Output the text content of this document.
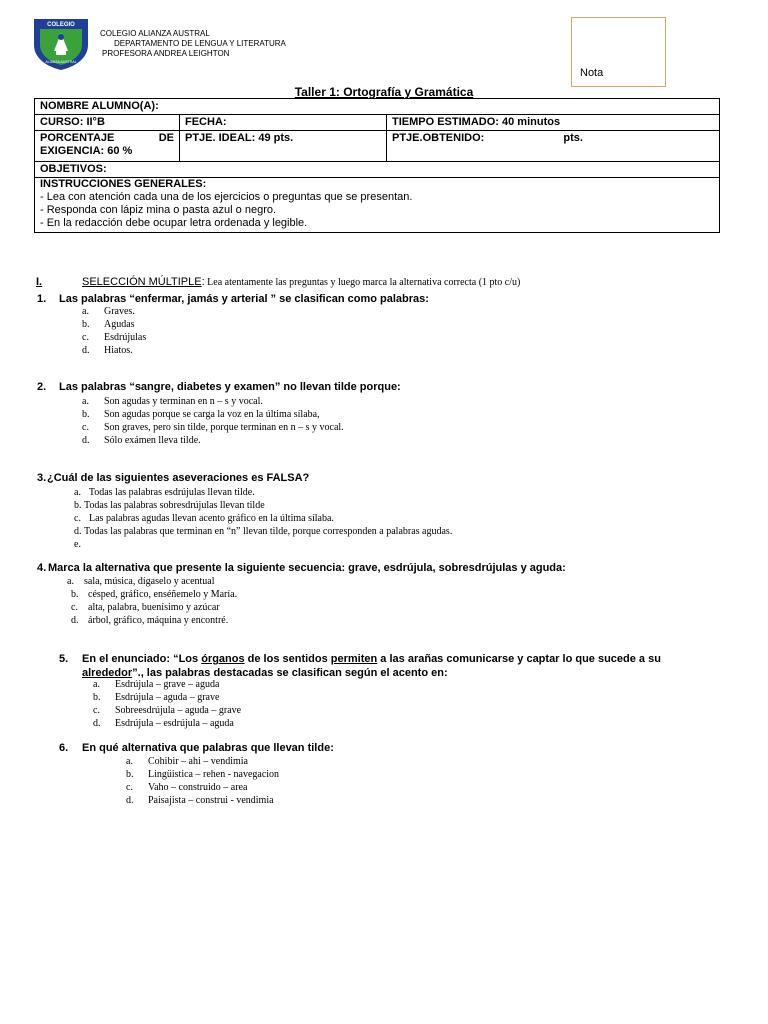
COLEGIO
ALIANZA AUSTRAL
COLEGIO ALIANZA AUSTRAL
DEPARTAMENTO DE LENGUA Y LITERATURA
PROFESORA ANDREA LEIGHTON
Nota
Taller 1: Ortografía y Gramática
NOMBRE ALUMNO(A):		
CURSO: II°B	FECHA:	TIEMPO ESTIMADO: 40 minutos

PORCENTAJE DE
EXIGENCIA: 60 %	PTJE. IDEAL: 49 pts.	PTJE.OBTENIDO: pts.
OBJETIVOS:		

INSTRUCCIONES GENERALES:
- Lea con atención cada una de los ejercicios o preguntas que se presentan.
- Responda con lápiz mina o pasta azul o negro.
- En la redacción debe ocupar letra ordenada y legible.		
I.	SELECCIÓN MÚLTIPLE: Lea atentamente las preguntas y luego marca la alternativa correcta (1 pto c/u)
1. Las palabras “enfermar, jamás y arterial ” se clasifican como palabras:
a. Graves.
b. Agudas
c. Esdrújulas
d. Hiatos.
2. Las palabras “sangre, diabetes y examen” no llevan tilde porque:
a. Son agudas y terminan en n – s y vocal.
b. Son agudas porque se carga la voz en la última sílaba,
c. Son graves, pero sin tilde, porque terminan en n – s y vocal.
d. Sólo exámen lleva tilde.
3.¿Cuál de las siguientes aseveraciones es FALSA?
a.  Todas las palabras esdrújulas llevan tilde.
b. Todas las palabras sobresdrújulas llevan tilde
c.  Las palabras agudas llevan acento gráfico en la última sílaba.
d. Todas las palabras que terminan en “n” llevan tilde, porque corresponden a palabras agudas.
e.
4. Marca la alternativa que presente la siguiente secuencia: grave, esdrújula, sobresdrújulas y aguda:
a. sala, música, dígaselo y acentual
b. césped, gráfico, enséñemelo y María.
c. alta, palabra, buenísimo y azúcar
d. árbol, gráfico, máquina y encontré.
5. En el enunciado: “Los órganos de los sentidos permiten a las arañas comunicarse y captar lo que sucede a su
alrededor”., las palabras destacadas se clasifican según el acento en:
a. Esdrújula – grave – aguda
b. Esdrújula – aguda – grave
c. Sobreesdrújula – aguda – grave
d. Esdrújula – esdrújula – aguda
6. En qué alternativa que palabras que llevan tilde:
a. Cohibir – ahi – vendimia
b. Lingüistica – rehen - navegacion
c. Vaho – construido – area
d. Paisajista – construi - vendimia
